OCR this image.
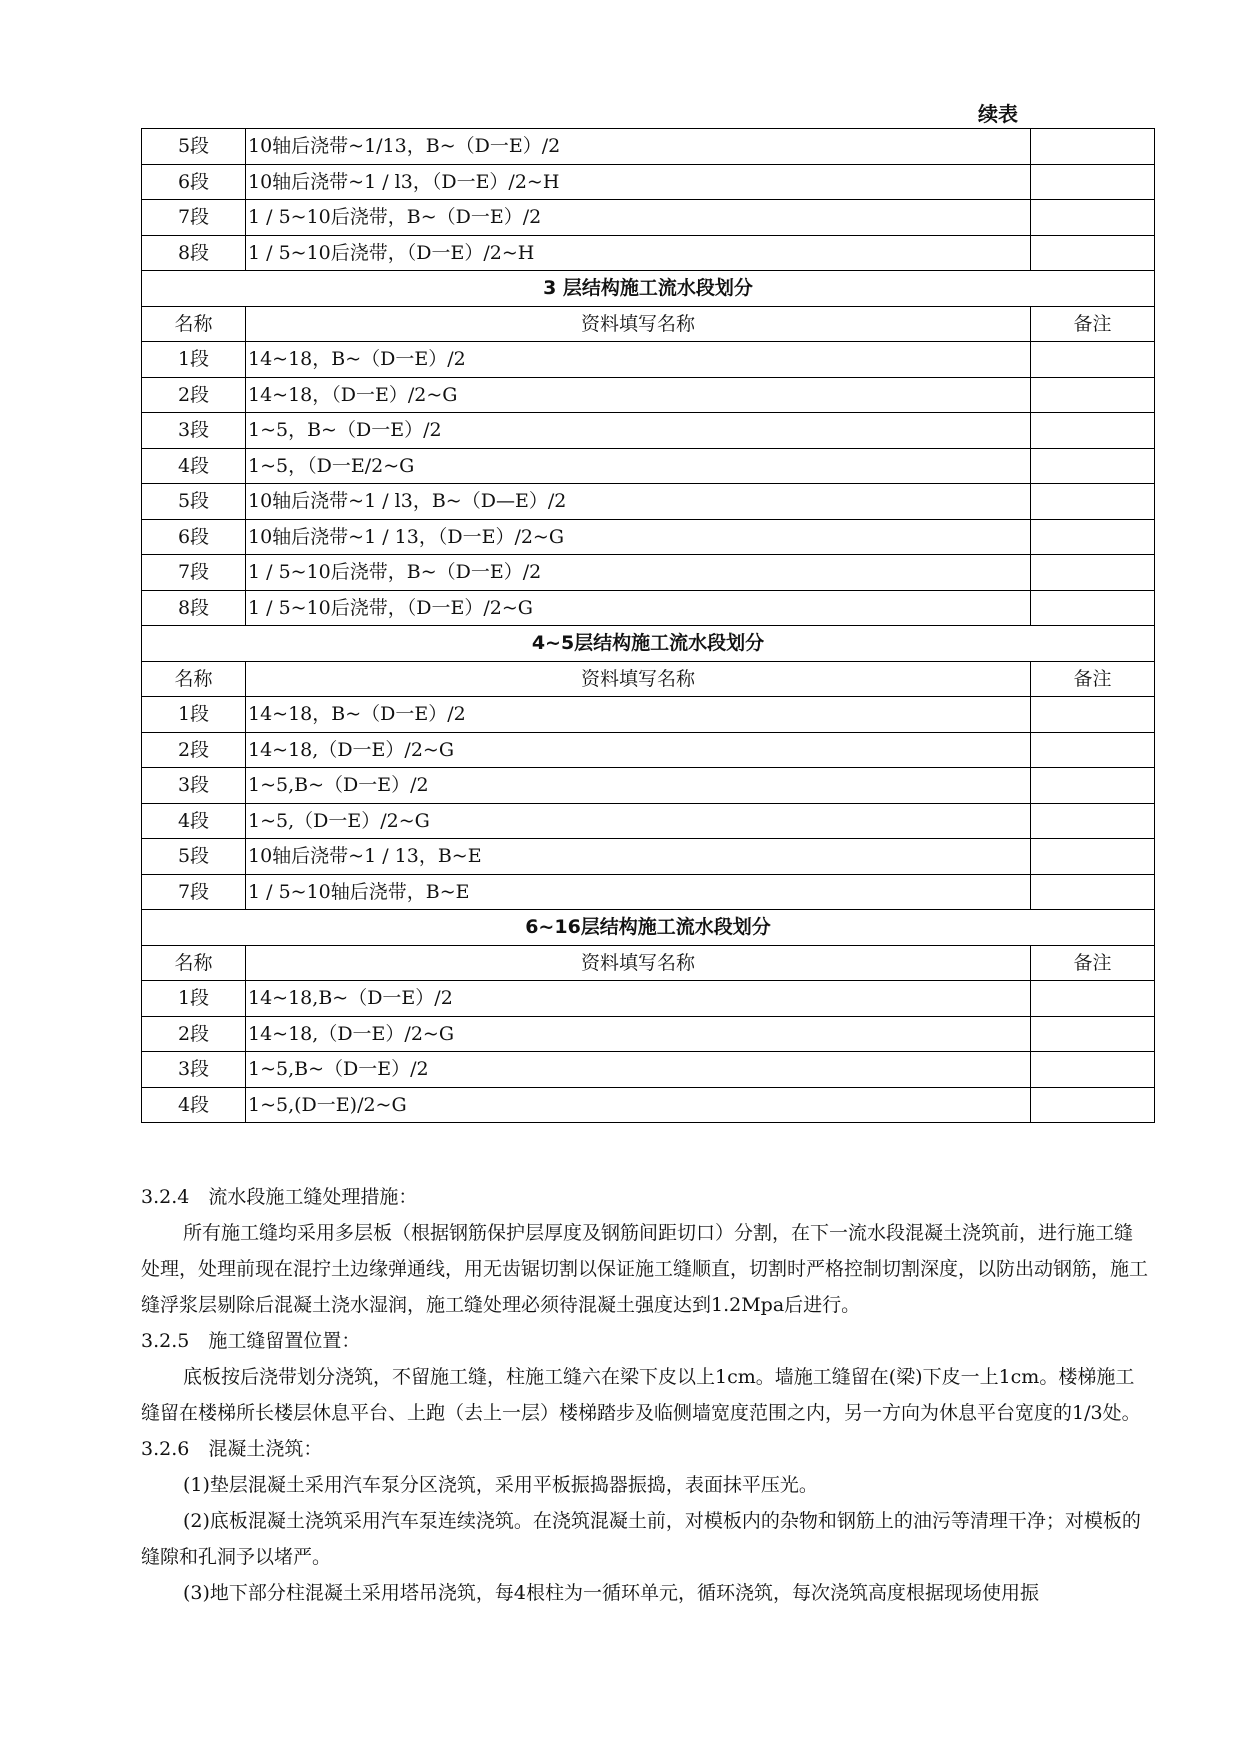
续表
5段	10轴后浇带~1/13，B~（D一E）/2	
6段	10轴后浇带~1 / l3，（D一E）/2~H	
7段	1 / 5~10后浇带，B~（D一E）/2	
8段	1 / 5~10后浇带，（D一E）/2~H	
3 层结构施工流水段划分		
名称	资料填写名称	备注
1段	14~18，B~（D一E）/2	
2段	14~18，（D一E）/2~G	
3段	1~5，B~（D一E）/2	
4段	1~5，（D一E/2~G	
5段	10轴后浇带~1 / l3，B~（D—E）/2	
6段	10轴后浇带~1 / 13，（D一E）/2~G	
7段	1 / 5~10后浇带，B~（D一E）/2	
8段	1 / 5~10后浇带，（D一E）/2~G	
4~5层结构施工流水段划分		
名称	资料填写名称	备注
1段	14~18，B~（D一E）/2	
2段	14~18,（D一E）/2~G	
3段	1~5,B~（D一E）/2	
4段	1~5,（D一E）/2~G	
5段	10轴后浇带~1 / 13，B~E	
7段	1 / 5~10轴后浇带，B~E	
6~16层结构施工流水段划分		
名称	资料填写名称	备注
1段	14~18,B~（D一E）/2	
2段	14~18,（D一E）/2~G	
3段	1~5,B~（D一E）/2	
4段	1~5,(D一E)/2~G	

3.2.4　流水段施工缝处理措施：

所有施工缝均采用多层板（根据钢筋保护层厚度及钢筋间距切口）分割，在下一流水段混凝土浇筑前，进行施工缝处理，处理前现在混拧土边缘弹通线，用无齿锯切割以保证施工缝顺直，切割时严格控制切割深度，以防出动钢筋，施工缝浮浆层剔除后混凝土浇水湿润，施工缝处理必须待混凝土强度达到1.2Mpa后进行。

3.2.5　施工缝留置位置：

底板按后浇带划分浇筑，不留施工缝，柱施工缝六在梁下皮以上1cm。墙施工缝留在(梁)下皮一上1cm。楼梯施工缝留在楼梯所长楼层休息平台、上跑（去上一层）楼梯踏步及临侧墙宽度范围之内，另一方向为休息平台宽度的1/3处。

3.2.6　混凝土浇筑：

(1)垫层混凝土采用汽车泵分区浇筑，采用平板振捣器振捣，表面抹平压光。

(2)底板混凝土浇筑采用汽车泵连续浇筑。在浇筑混凝土前，对模板内的杂物和钢筋上的油污等清理干净；对模板的缝隙和孔洞予以堵严。

(3)地下部分柱混凝土采用塔吊浇筑，每4根柱为一循环单元，循环浇筑，每次浇筑高度根据现场使用振
